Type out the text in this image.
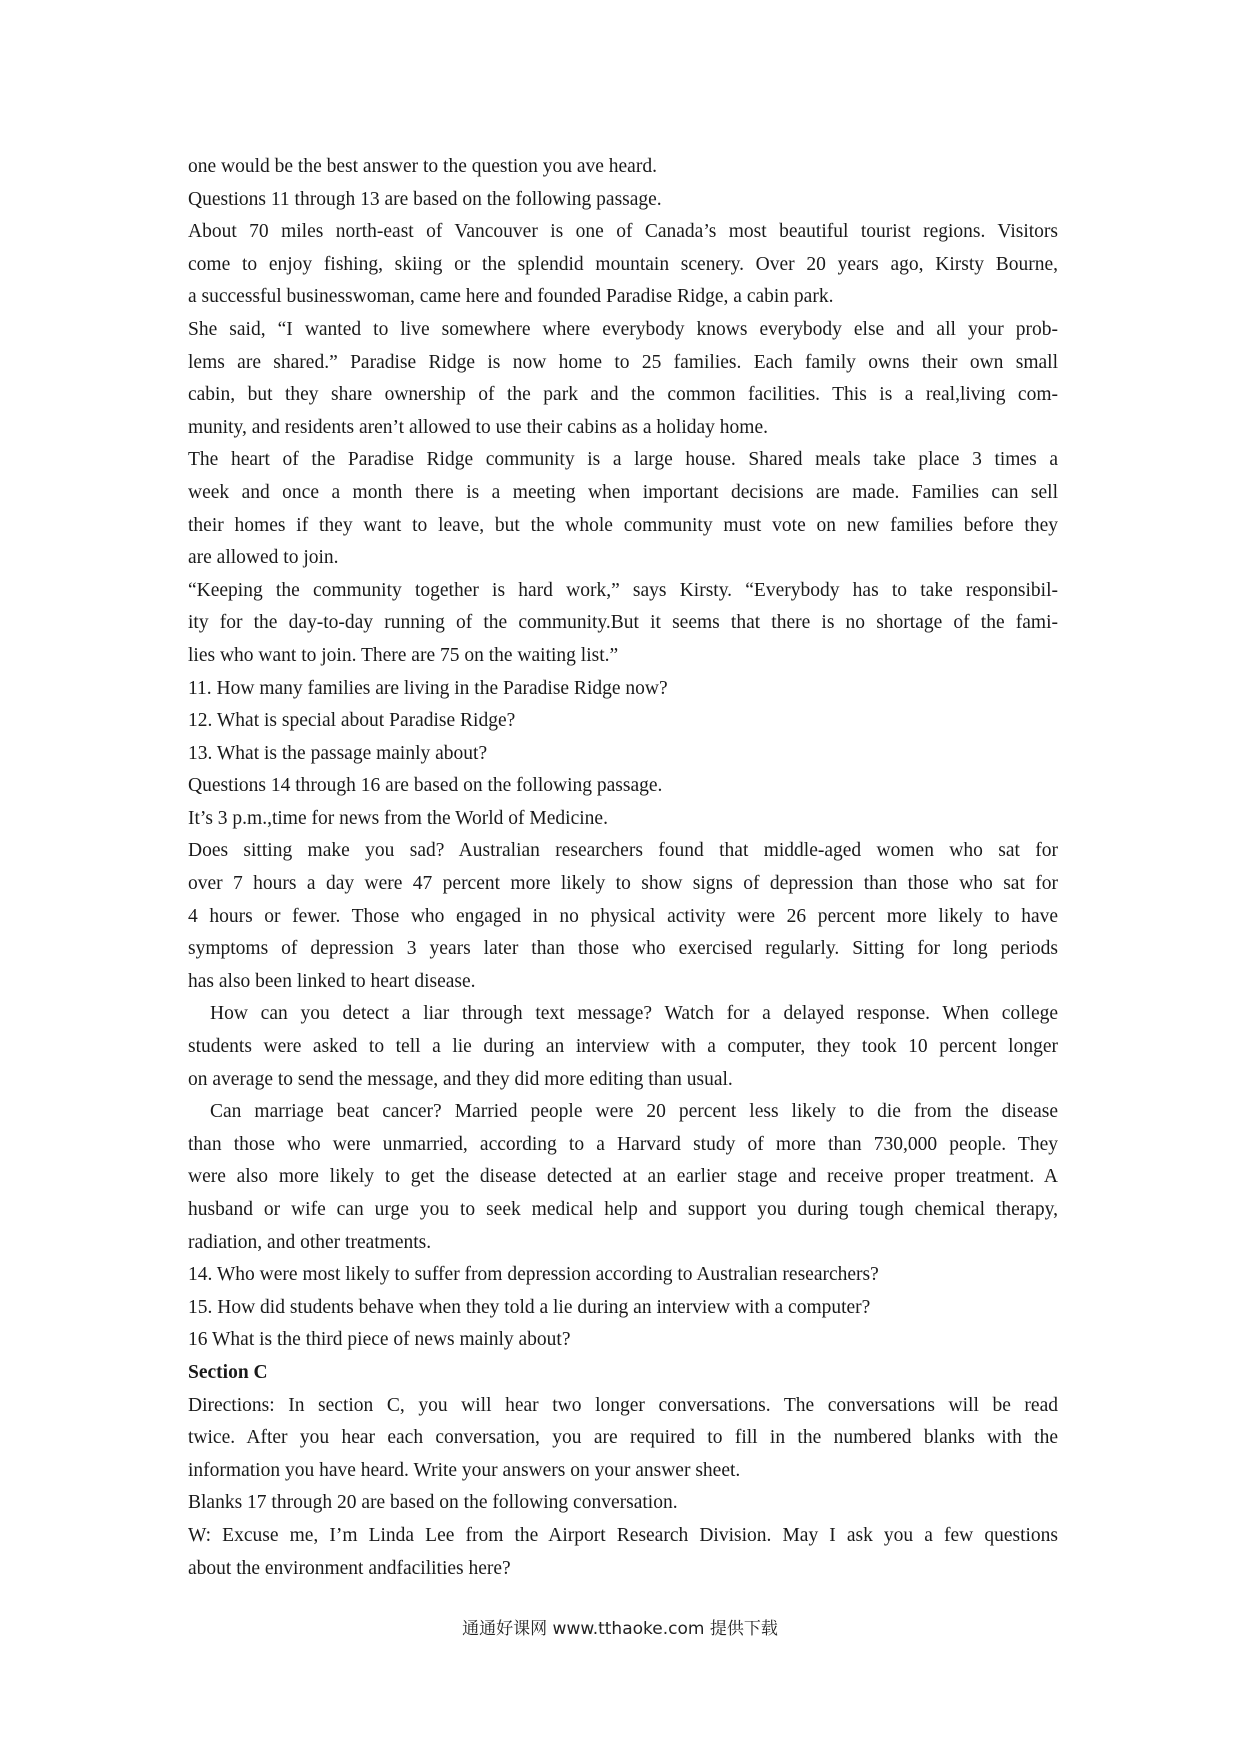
one would be the best answer to the question you ave heard.
Questions 11 through 13 are based on the following passage.
About 70 miles north-east of Vancouver is one of Canada’s most beautiful tourist regions. Visitors
come to enjoy fishing, skiing or the splendid mountain scenery. Over 20 years ago, Kirsty Bourne,
a successful businesswoman, came here and founded Paradise Ridge, a cabin park.
She said, “I wanted to live somewhere where everybody knows everybody else and all your prob-
lems are shared.” Paradise Ridge is now home to 25 families. Each family owns their own small
cabin, but they share ownership of the park and the common facilities. This is a real,living com-
munity, and residents aren’t allowed to use their cabins as a holiday home.
The heart of the Paradise Ridge community is a large house. Shared meals take place 3 times a
week and once a month there is a meeting when important decisions are made. Families can sell
their homes if they want to leave, but the whole community must vote on new families before they
are allowed to join.
“Keeping the community together is hard work,” says Kirsty. “Everybody has to take responsibil-
ity for the day-to-day running of the community.But it seems that there is no shortage of the fami-
lies who want to join. There are 75 on the waiting list.”
11. How many families are living in the Paradise Ridge now?
12. What is special about Paradise Ridge?
13. What is the passage mainly about?
Questions 14 through 16 are based on the following passage.
It’s 3 p.m.,time for news from the World of Medicine.
Does sitting make you sad? Australian researchers found that middle-aged women who sat for
over 7 hours a day were 47 percent more likely to show signs of depression than those who sat for
4 hours or fewer. Those who engaged in no physical activity were 26 percent more likely to have
symptoms of depression 3 years later than those who exercised regularly. Sitting for long periods
has also been linked to heart disease.
How can you detect a liar through text message? Watch for a delayed response. When college
students were asked to tell a lie during an interview with a computer, they took 10 percent longer
on average to send the message, and they did more editing than usual.
Can marriage beat cancer? Married people were 20 percent less likely to die from the disease
than those who were unmarried, according to a Harvard study of more than 730,000 people. They
were also more likely to get the disease detected at an earlier stage and receive proper treatment. A
husband or wife can urge you to seek medical help and support you during tough chemical therapy,
radiation, and other treatments.
14. Who were most likely to suffer from depression according to Australian researchers?
15. How did students behave when they told a lie during an interview with a computer?
16 What is the third piece of news mainly about?
Section C
Directions: In section C, you will hear two longer conversations. The conversations will be read
twice. After you hear each conversation, you are required to fill in the numbered blanks with the
information you have heard. Write your answers on your answer sheet.
Blanks 17 through 20 are based on the following conversation.
W: Excuse me, I’m Linda Lee from the Airport Research Division. May I ask you a few questions
about the environment andfacilities here?
通通好课网 www.tthaoke.com 提供下载
